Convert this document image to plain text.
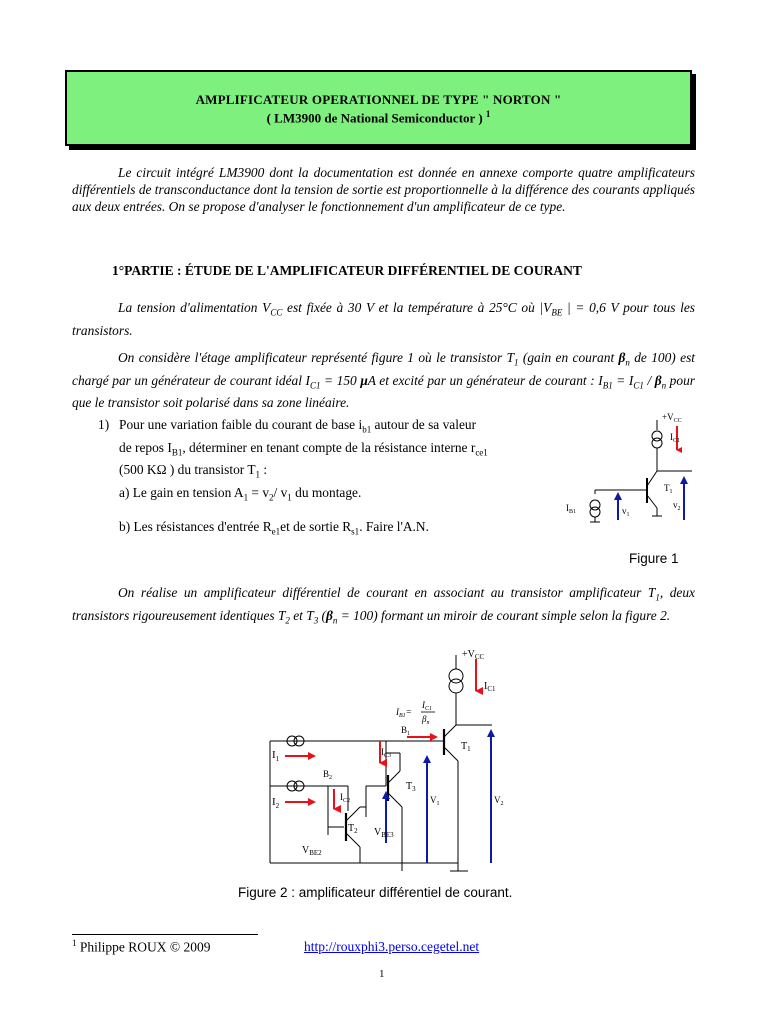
AMPLIFICATEUR OPERATIONNEL DE TYPE " NORTON "
( LM3900 de National Semiconductor ) $^1$
Le circuit intégré LM3900 dont la documentation est donnée en annexe comporte quatre amplificateurs différentiels de transconductance dont la tension de sortie est proportionnelle à la différence des courants appliqués aux deux entrées. On se propose d'analyser le fonctionnement d'un amplificateur de ce type.
1°PARTIE : ÉTUDE DE L'AMPLIFICATEUR DIFFÉRENTIEL DE COURANT
La tension d'alimentation $V_{CC}$ est fixée à 30 V et la température à 25°C où $|V_{BE}$ | = 0,6 V pour tous les transistors.
On considère l'étage amplificateur représenté figure 1 où le transistor $T_1$ (gain en courant $\beta_n$ de 100) est chargé par un générateur de courant idéal $I_{C1} = 150$ μA et excité par un générateur de courant : $I_{B1} = I_{C1} / \beta_n$ pour que le transistor soit polarisé dans sa zone linéaire.
1) Pour une variation faible du courant de base $i_{b1}$ autour de sa valeur
de repos $I_{B1}$, déterminer en tenant compte de la résistance interne $r_{ce1}$
(500 KΩ ) du transistor $T_1$ :
a) Le gain en tension $A_1 = v_2/$ $v_1$ du montage.
b) Les résistances d'entrée $R_{e1}et$ de sortie $R_{s1}$. Faire l'A.N.
$+V_{CC}$
$I_{C1}$
$T_1$
$I_{B1}$	$v_1$
$v_2$
Figure 1
On réalise un amplificateur différentiel de courant en associant au transistor amplificateur $T_1$, deux transistors rigoureusement identiques $T_2$ et $T_3$ $(\beta_n = 100)$ formant un miroir de courant simple selon la figure 2.
$+V_{CC}$
$I_{C1}$
$I_{B1}=$
$I_{C1}$
$\beta_n$
$B_1$
$B_2$
$I_1$
$I_2$
$I_{C2}$
$I_{C3}$
$T_1$
$T_2$
$T_3$
$V_1$	$V_2$
$V_{BE2}$
$V_{BE3}$
Figure 2 : amplificateur différentiel de courant.
$^1$ Philippe ROUX © 2009	http://rouxphi3.perso.cegetel.net
1
